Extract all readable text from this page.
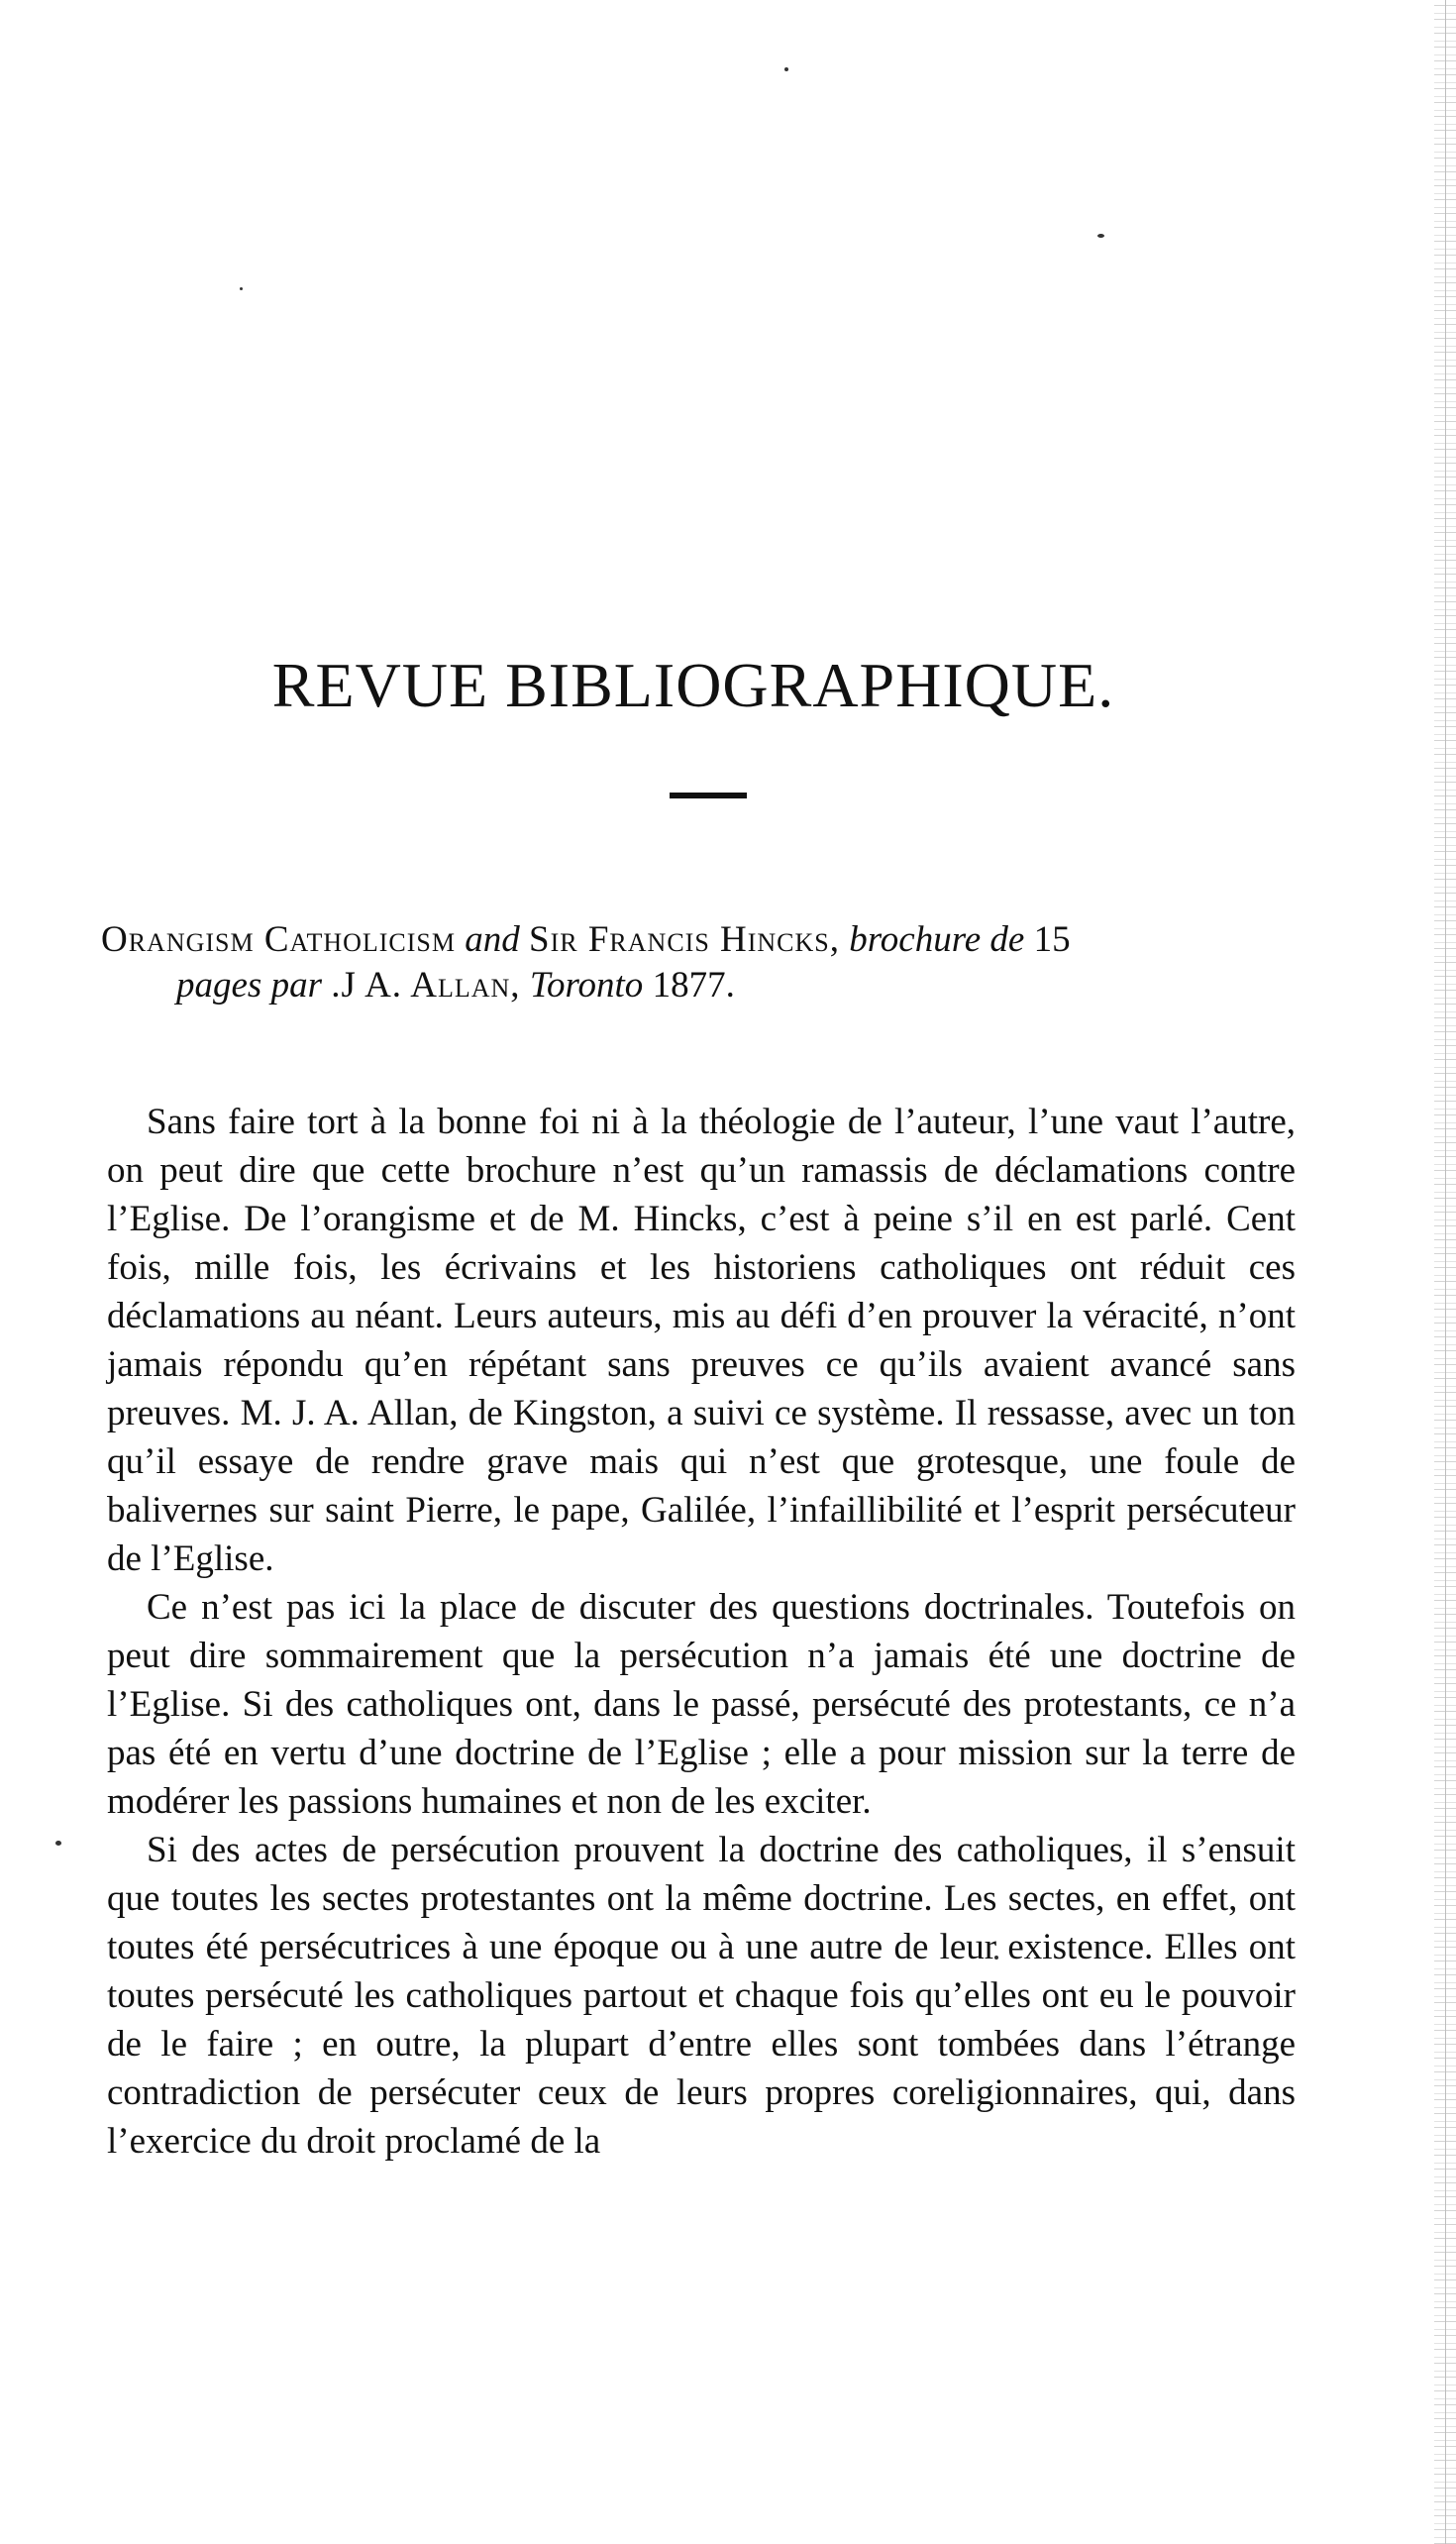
REVUE BIBLIOGRAPHIQUE.
Orangism Catholicism and Sir Francis Hincks, brochure de 15
pages par .J A. Allan, Toronto 1877.

Sans faire tort à la bonne foi ni à la théologie de l’auteur, l’une vaut l’autre, on peut dire que cette brochure n’est qu’un ramassis de déclamations contre l’Eglise. De l’orangisme et de M. Hincks, c’est à peine s’il en est parlé. Cent fois, mille fois, les écrivains et les historiens catholiques ont réduit ces déclamations au néant. Leurs auteurs, mis au défi d’en prouver la véracité, n’ont jamais répondu qu’en répétant sans preuves ce qu’ils avaient avancé sans preuves. M. J. A. Allan, de Kingston, a suivi ce système. Il ressasse, avec un ton qu’il essaye de rendre grave mais qui n’est que grotesque, une foule de balivernes sur saint Pierre, le pape, Galilée, l’infaillibilité et l’esprit persécuteur de l’Eglise.

Ce n’est pas ici la place de discuter des questions doctrinales. Toutefois on peut dire sommairement que la persécution n’a jamais été une doctrine de l’Eglise. Si des catholiques ont, dans le passé, persécuté des protestants, ce n’a pas été en vertu d’une doctrine de l’Eglise ; elle a pour mission sur la terre de modérer les passions humaines et non de les exciter.

Si des actes de persécution prouvent la doctrine des catholiques, il s’ensuit que toutes les sectes protestantes ont la même doctrine. Les sectes, en effet, ont toutes été persécutrices à une époque ou à une autre de leur existence. Elles ont toutes persécuté les catholiques partout et chaque fois qu’elles ont eu le pouvoir de le faire ; en outre, la plupart d’entre elles sont tombées dans l’étrange contradiction de persécuter ceux de leurs propres coreligionnaires, qui, dans l’exercice du droit proclamé de la
